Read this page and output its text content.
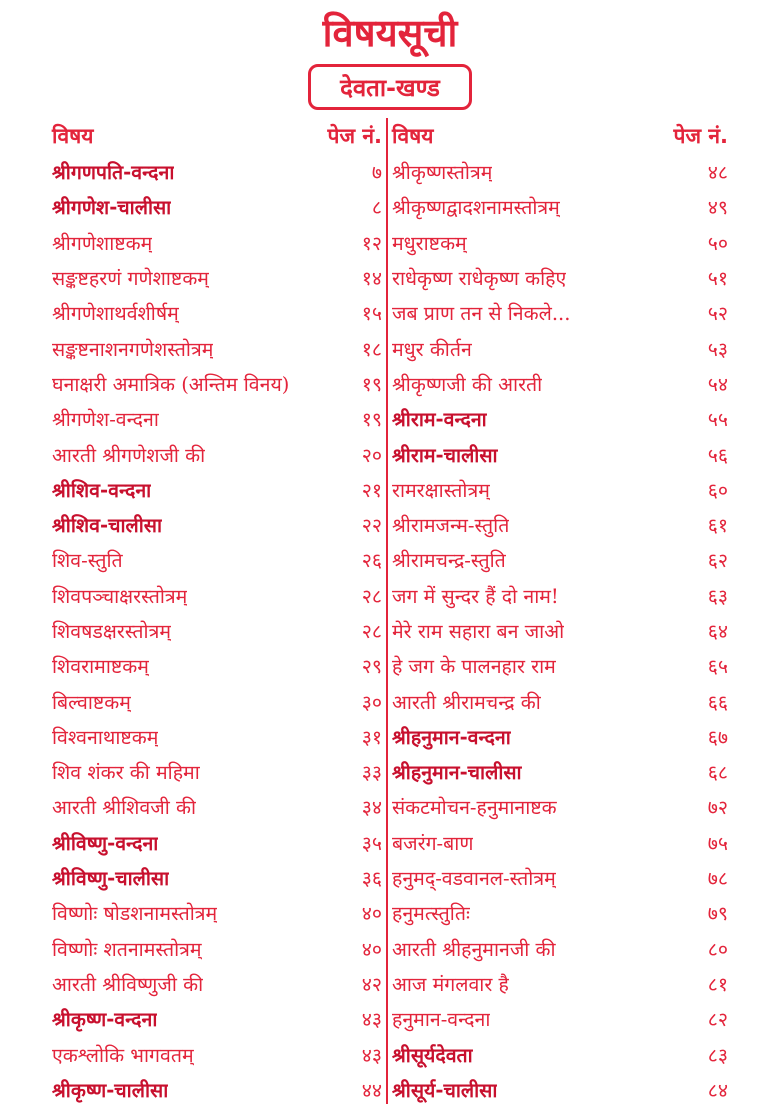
विषयसूची
देवता-खण्ड
विषय	पेज नं.
श्रीगणपति-वन्दना	७
श्रीगणेश-चालीसा	८
श्रीगणेशाष्टकम्	१२
सङ्कष्टहरणं गणेशाष्टकम्	१४
श्रीगणेशाथर्वशीर्षम्	१५
सङ्कष्टनाशनगणेशस्तोत्रम्	१८
घनाक्षरी अमात्रिक (अन्तिम विनय)	१९
श्रीगणेश-वन्दना	१९
आरती श्रीगणेशजी की	२०
श्रीशिव-वन्दना	२१
श्रीशिव-चालीसा	२२
शिव-स्तुति	२६
शिवपञ्चाक्षरस्तोत्रम्	२८
शिवषडक्षरस्तोत्रम्	२८
शिवरामाष्टकम्	२९
बिल्वाष्टकम्	३०
विश्वनाथाष्टकम्	३१
शिव शंकर की महिमा	३३
आरती श्रीशिवजी की	३४
श्रीविष्णु-वन्दना	३५
श्रीविष्णु-चालीसा	३६
विष्णोः षोडशनामस्तोत्रम्	४०
विष्णोः शतनामस्तोत्रम्	४०
आरती श्रीविष्णुजी की	४२
श्रीकृष्ण-वन्दना	४३
एकश्लोकि भागवतम्	४३
श्रीकृष्ण-चालीसा	४४
विषय	पेज नं.
श्रीकृष्णस्तोत्रम्	४८
श्रीकृष्णद्वादशनामस्तोत्रम्	४९
मधुराष्टकम्	५०
राधेकृष्ण राधेकृष्ण कहिए	५१
जब प्राण तन से निकले...	५२
मधुर कीर्तन	५३
श्रीकृष्णजी की आरती	५४
श्रीराम-वन्दना	५५
श्रीराम-चालीसा	५६
रामरक्षास्तोत्रम्	६०
श्रीरामजन्म-स्तुति	६१
श्रीरामचन्द्र-स्तुति	६२
जग में सुन्दर हैं दो नाम!	६३
मेरे राम सहारा बन जाओ	६४
हे जग के पालनहार राम	६५
आरती श्रीरामचन्द्र की	६६
श्रीहनुमान-वन्दना	६७
श्रीहनुमान-चालीसा	६८
संकटमोचन-हनुमानाष्टक	७२
बजरंग-बाण	७५
हनुमद्-वडवानल-स्तोत्रम्	७८
हनुमत्स्तुतिः	७९
आरती श्रीहनुमानजी की	८०
आज मंगलवार है	८१
हनुमान-वन्दना	८२
श्रीसूर्यदेवता	८३
श्रीसूर्य-चालीसा	८४
